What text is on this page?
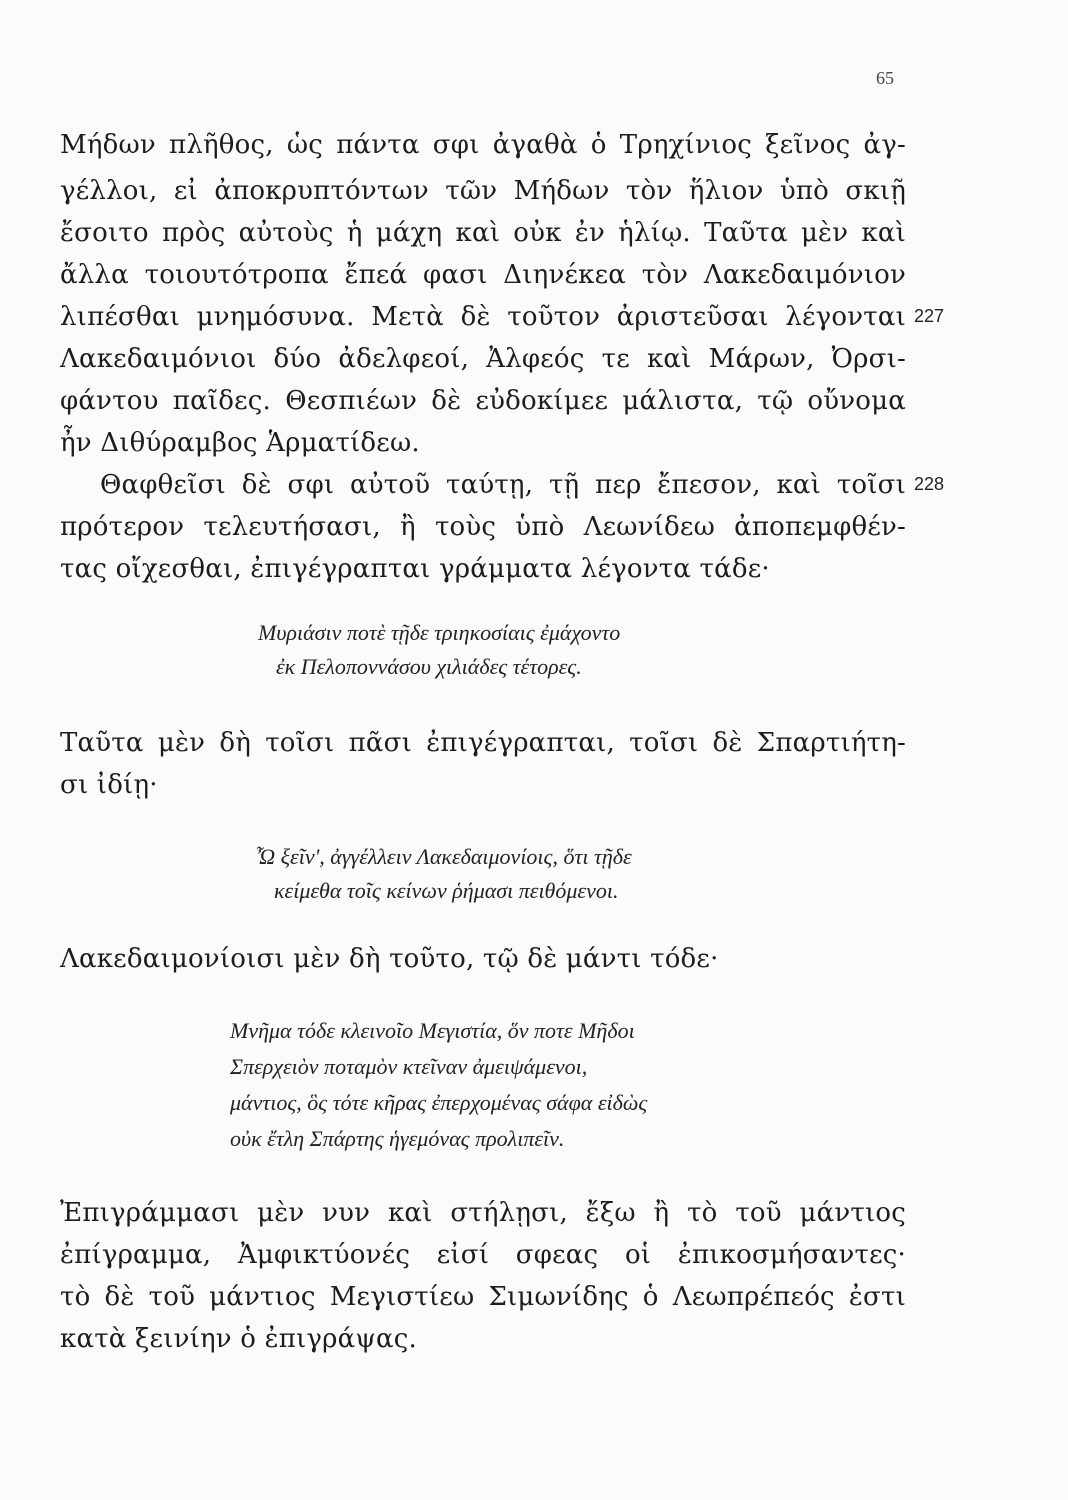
65
Μήδων πλῆθος, ὡς πάντα σφι ἀγαθὰ ὁ Τρηχίνιος ξεῖνος ἀγ-
γέλλοι, εἰ ἀποκρυπτόντων τῶν Μήδων τὸν ἥλιον ὑπὸ σκιῇ
ἔσοιτο πρὸς αὐτοὺς ἡ μάχη καὶ οὐκ ἐν ἡλίῳ. Ταῦτα μὲν καὶ
ἄλλα τοιουτότροπα ἔπεά φασι Διηνέκεα τὸν Λακεδαιμόνιον
λιπέσθαι μνημόσυνα. Μετὰ δὲ τοῦτον ἀριστεῦσαι λέγονται 227
Λακεδαιμόνιοι δύο ἀδελφεοί, Ἀλφεός τε καὶ Μάρων, Ὀρσι-
φάντου παῖδες. Θεσπιέων δὲ εὐδοκίμεε μάλιστα, τῷ οὔνομα
ἦν Διθύραμβος Ἁρματίδεω.
Θαφθεῖσι δὲ σφι αὐτοῦ ταύτῃ, τῇ περ ἔπεσον, καὶ τοῖσι 228
πρότερον τελευτήσασι, ἢ τοὺς ὑπὸ Λεωνίδεω ἀποπεμφθέν-
τας οἴχεσθαι, ἐπιγέγραπται γράμματα λέγοντα τάδε·
Μυριάσιν ποτὲ τῇδε τριηκοσίαις ἐμάχοντο
ἐκ Πελοποννάσου χιλιάδες τέτορες.
Ταῦτα μὲν δὴ τοῖσι πᾶσι ἐπιγέγραπται, τοῖσι δὲ Σπαρτιήτη-
σι ἰδίῃ·
Ὦ ξεῖν', ἀγγέλλειν Λακεδαιμονίοις, ὅτι τῇδε
κείμεθα τοῖς κείνων ῥήμασι πειθόμενοι.
Λακεδαιμονίοισι μὲν δὴ τοῦτο, τῷ δὲ μάντι τόδε·
Μνῆμα τόδε κλεινοῖο Μεγιστία, ὅν ποτε Μῆδοι
Σπερχειὸν ποταμὸν κτεῖναν ἀμειψάμενοι,
μάντιος, ὃς τότε κῆρας ἐπερχομένας σάφα εἰδὼς
οὐκ ἔτλη Σπάρτης ἡγεμόνας προλιπεῖν.
Ἐπιγράμμασι μὲν νυν καὶ στήλῃσι, ἔξω ἢ τὸ τοῦ μάντιος
ἐπίγραμμα, Ἀμφικτύονές εἰσί σφεας οἱ ἐπικοσμήσαντες·
τὸ δὲ τοῦ μάντιος Μεγιστίεω Σιμωνίδης ὁ Λεωπρέπεός ἐστι
κατὰ ξεινίην ὁ ἐπιγράψας.
